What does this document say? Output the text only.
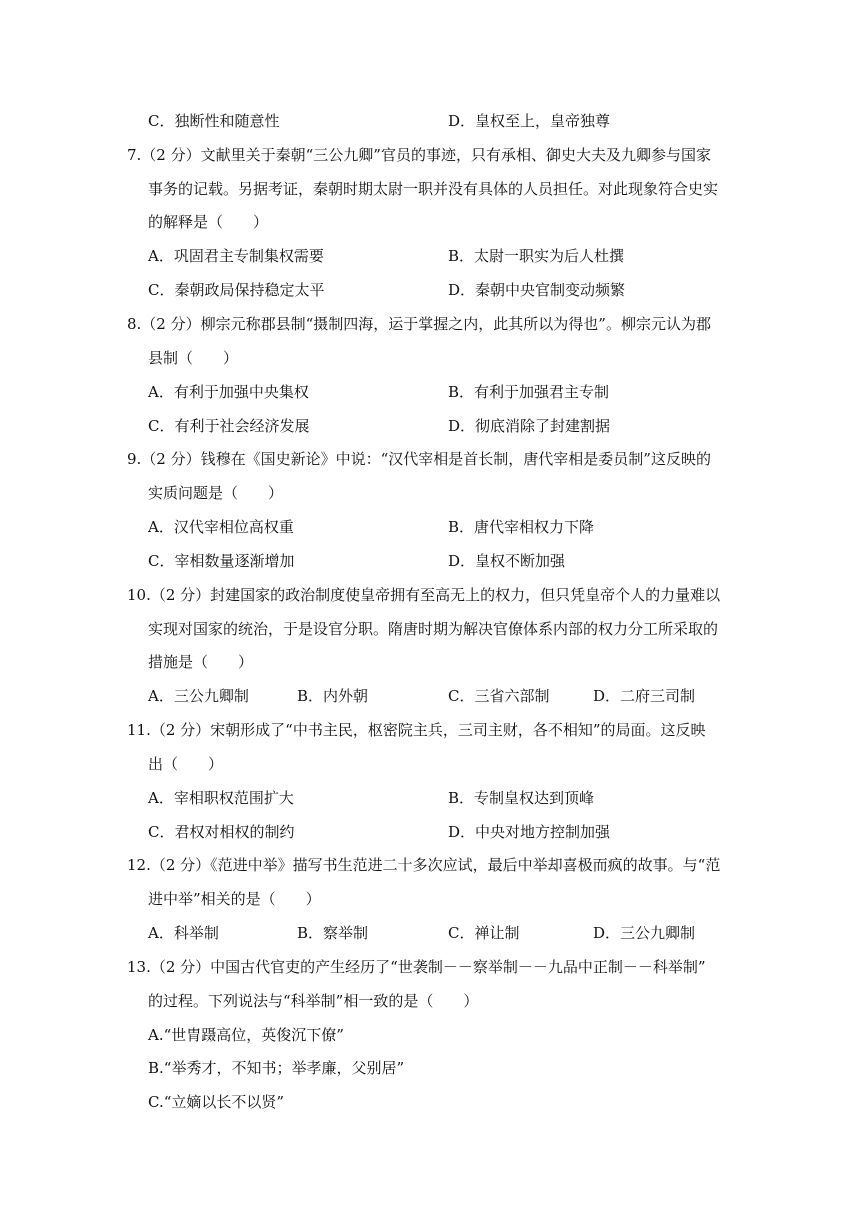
C．独断性和随意性	D．皇权至上，皇帝独尊
7.（2 分）文献里关于秦朝“三公九卿”官员的事迹，只有承相、御史大夫及九卿参与国家
事务的记载。另据考证，秦朝时期太尉一职并没有具体的人员担任。对此现象符合史实
的解释是（　　）
A．巩固君主专制集权需要	B．太尉一职实为后人杜撰
C．秦朝政局保持稳定太平	D．秦朝中央官制变动频繁
8.（2 分）柳宗元称郡县制“摄制四海，运于掌握之内，此其所以为得也”。柳宗元认为郡
县制（　　）
A．有利于加强中央集权	B．有利于加强君主专制
C．有利于社会经济发展	D．彻底消除了封建割据
9.（2 分）钱穆在《国史新论》中说：“汉代宰相是首长制，唐代宰相是委员制”这反映的
实质问题是（　　）
A．汉代宰相位高权重	B．唐代宰相权力下降
C．宰相数量逐渐增加	D．皇权不断加强
10.（2 分）封建国家的政治制度使皇帝拥有至高无上的权力，但只凭皇帝个人的力量难以
实现对国家的统治，于是设官分职。隋唐时期为解决官僚体系内部的权力分工所采取的
措施是（　　）
A．三公九卿制	B．内外朝	C．三省六部制	D．二府三司制
11.（2 分）宋朝形成了“中书主民，枢密院主兵，三司主财，各不相知”的局面。这反映
出（　　）
A．宰相职权范围扩大	B．专制皇权达到顶峰
C．君权对相权的制约	D．中央对地方控制加强
12.（2 分）《范进中举》描写书生范进二十多次应试，最后中举却喜极而疯的故事。与“范
进中举”相关的是（　　）
A．科举制	B．察举制	C．禅让制	D．三公九卿制
13.（2 分）中国古代官吏的产生经历了“世袭制－－察举制－－九品中正制－－科举制”
的过程。下列说法与“科举制”相一致的是（　　）
A.“世胄蹑高位，英俊沉下僚”
B.“举秀才，不知书；举孝廉，父别居”
C.“立嫡以长不以贤”
